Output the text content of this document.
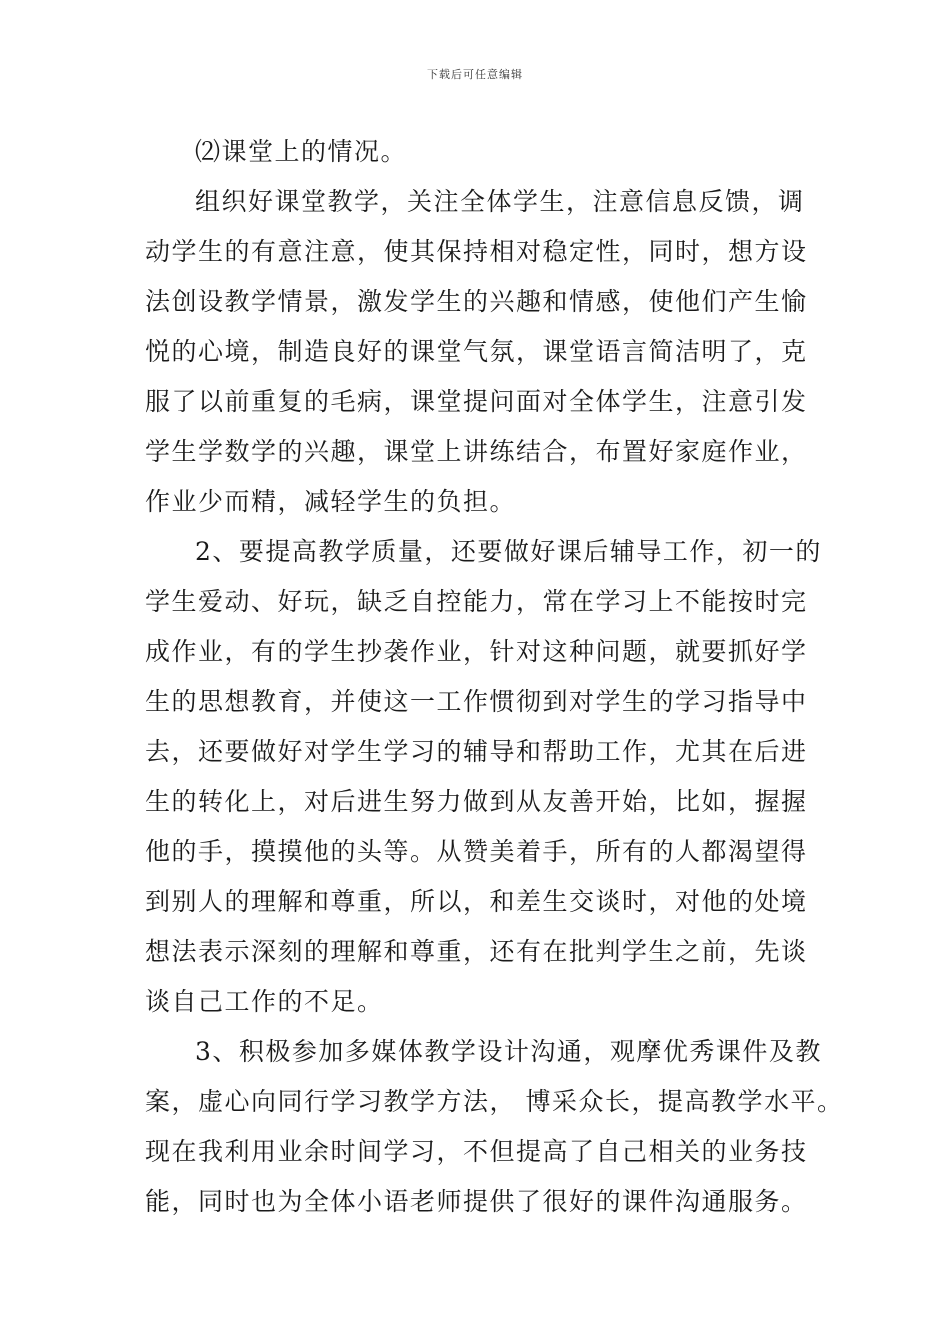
下载后可任意编辑
⑵课堂上的情况。
组织好课堂教学，关注全体学生，注意信息反馈，调
动学生的有意注意，使其保持相对稳定性，同时，想方设
法创设教学情景，激发学生的兴趣和情感，使他们产生愉
悦的心境，制造良好的课堂气氛，课堂语言简洁明了，克
服了以前重复的毛病，课堂提问面对全体学生，注意引发
学生学数学的兴趣，课堂上讲练结合，布置好家庭作业，
作业少而精，减轻学生的负担。
2、要提高教学质量，还要做好课后辅导工作，初一的
学生爱动、好玩，缺乏自控能力，常在学习上不能按时完
成作业，有的学生抄袭作业，针对这种问题，就要抓好学
生的思想教育，并使这一工作惯彻到对学生的学习指导中
去，还要做好对学生学习的辅导和帮助工作，尤其在后进
生的转化上，对后进生努力做到从友善开始，比如，握握
他的手，摸摸他的头等。从赞美着手，所有的人都渴望得
到别人的理解和尊重，所以，和差生交谈时，对他的处境
想法表示深刻的理解和尊重，还有在批判学生之前，先谈
谈自己工作的不足。
3、积极参加多媒体教学设计沟通，观摩优秀课件及教
案，虚心向同行学习教学方法， 博采众长，提高教学水平。
现在我利用业余时间学习，不但提高了自己相关的业务技
能，同时也为全体小语老师提供了很好的课件沟通服务。
